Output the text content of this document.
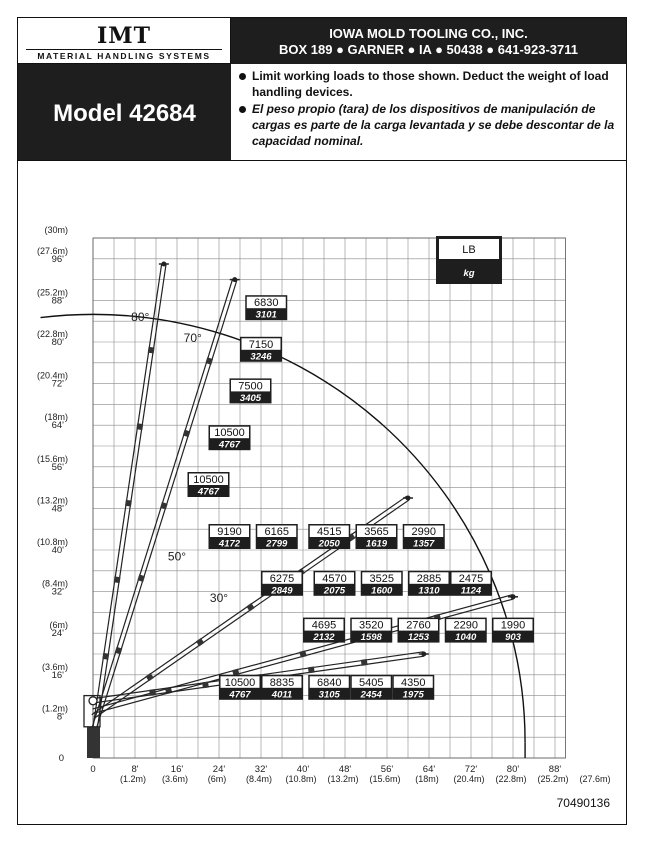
IMT
MATERIAL HANDLING SYSTEMS
IOWA MOLD TOOLING CO., INC.
BOX 189 ● GARNER ● IA ● 50438 ● 641-923-3711
Model 42684
Limit working loads to those shown. Deduct the weight of load handling devices.
El peso propio (tara) de los dispositivos de manipulación de cargas es parte de la carga levantada y se debe descontar de la capacidad nominal.
70490136
0
8'
(1.2m)
16'
(3.6m)
24'
(6m)
32'
(8.4m)
40'
(10.8m)
48'
(13.2m)
56'
(15.6m)
64'
(18m)
72'
(20.4m)
80'
(22.8m)
88'
(25.2m)
96'
(27.6m)
(30m)
0	8'
(1.2m)
16'
(3.6m)
24'
(6m)
32'
(8.4m)
40'
(10.8m)
48'
(13.2m)
56'
(15.6m)
64'
(18m)
72'
(20.4m)
80'
(22.8m)
88'
(25.2m) (27.6m)
80°
70°
50°
30°
6830
3101
7150
3246
7500
3405
10500
4767
10500
4767
9190
4172
6165
2799
4515
2050
3565
1619
2990
1357
6275
2849
4570
2075
3525
1600
2885
1310
2475
1124
4695
2132
3520
1598
2760
1253
2290
1040
1990
903
10500
4767
8835
4011
6840
3105
5405
2454
4350
1975
LB
kg
